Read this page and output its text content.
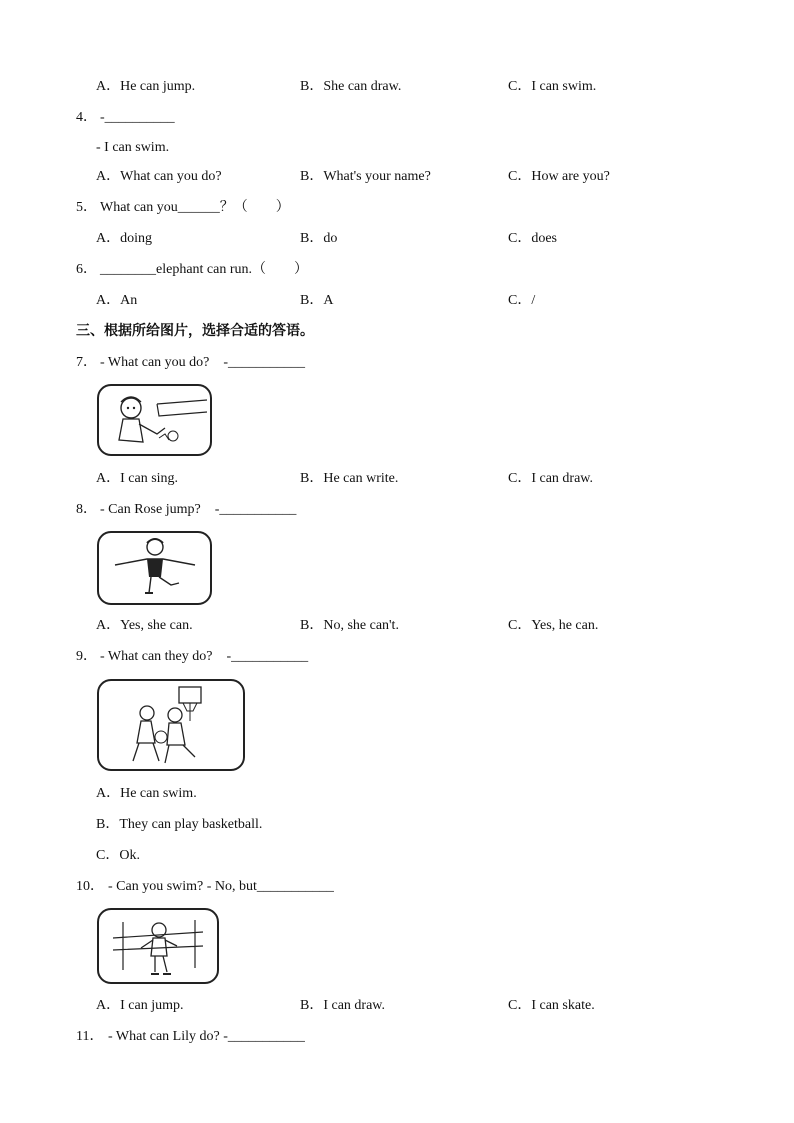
A．He can jump.	B．She can draw.	C．I can swim.
4． -__________
- I can swim.
A．What can you do?	B．What's your name?	C．How are you?
5． What can you______？（　　）
A．doing	B．do	C．does
6． ________elephant can run.（　　）
A．An	B．A	C．/
三、根据所给图片，选择合适的答语。
7． - What can you do?　-___________
A．I can sing.	B．He can write.	C．I can draw.
8． - Can Rose jump?　-___________
A．Yes, she can.	B．No, she can't.	C．Yes, he can.
9． - What can they do?　-___________
A．He can swim.
B．They can play basketball.
C．Ok.
10． - Can you swim? - No, but___________
A．I can jump.	B．I can draw.	C．I can skate.
11． - What can Lily do? -___________
